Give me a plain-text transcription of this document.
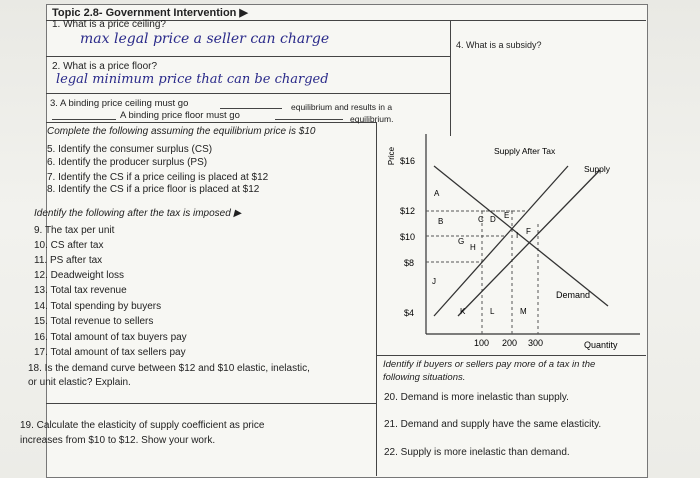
Topic 2.8- Government Intervention ▶
1. What is a price ceiling?
max legal price a seller can charge	4. What is a subsidy?
2. What is a price floor?
legal minimum price that can be charged
3. A binding price ceiling must go	equilibrium and results in a
A binding price floor must go	equilibrium.
Complete the following assuming the equilibrium price is $10
5. Identify the consumer surplus (CS)
6. Identify the producer surplus (PS)
7. Identify the CS if a price ceiling is placed at $12
8. Identify the CS if a price floor is placed at $12
Identify the following after the tax is imposed ▶
9. The tax per unit
10. CS after tax
11. PS after tax
12. Deadweight loss
13. Total tax revenue
14. Total spending by buyers
15. Total revenue to sellers
16. Total amount of tax buyers pay
17. Total amount of tax sellers pay
18. Is the demand curve between $12 and $10 elastic, inelastic,
or unit elastic? Explain.
19. Calculate the elasticity of supply coefficient as price
increases from $10 to $12. Show your work.
Identify if buyers or sellers pay more of a tax in the
following situations.
20. Demand is more inelastic than supply.
21. Demand and supply have the same elasticity.
22. Supply is more inelastic than demand.
Price $16
$12
$10
$8
$4
100 200 300	Quantity
Supply After Tax
Supply
Demand
A
B	C D E
F
G
H
J
K	L	M
I
